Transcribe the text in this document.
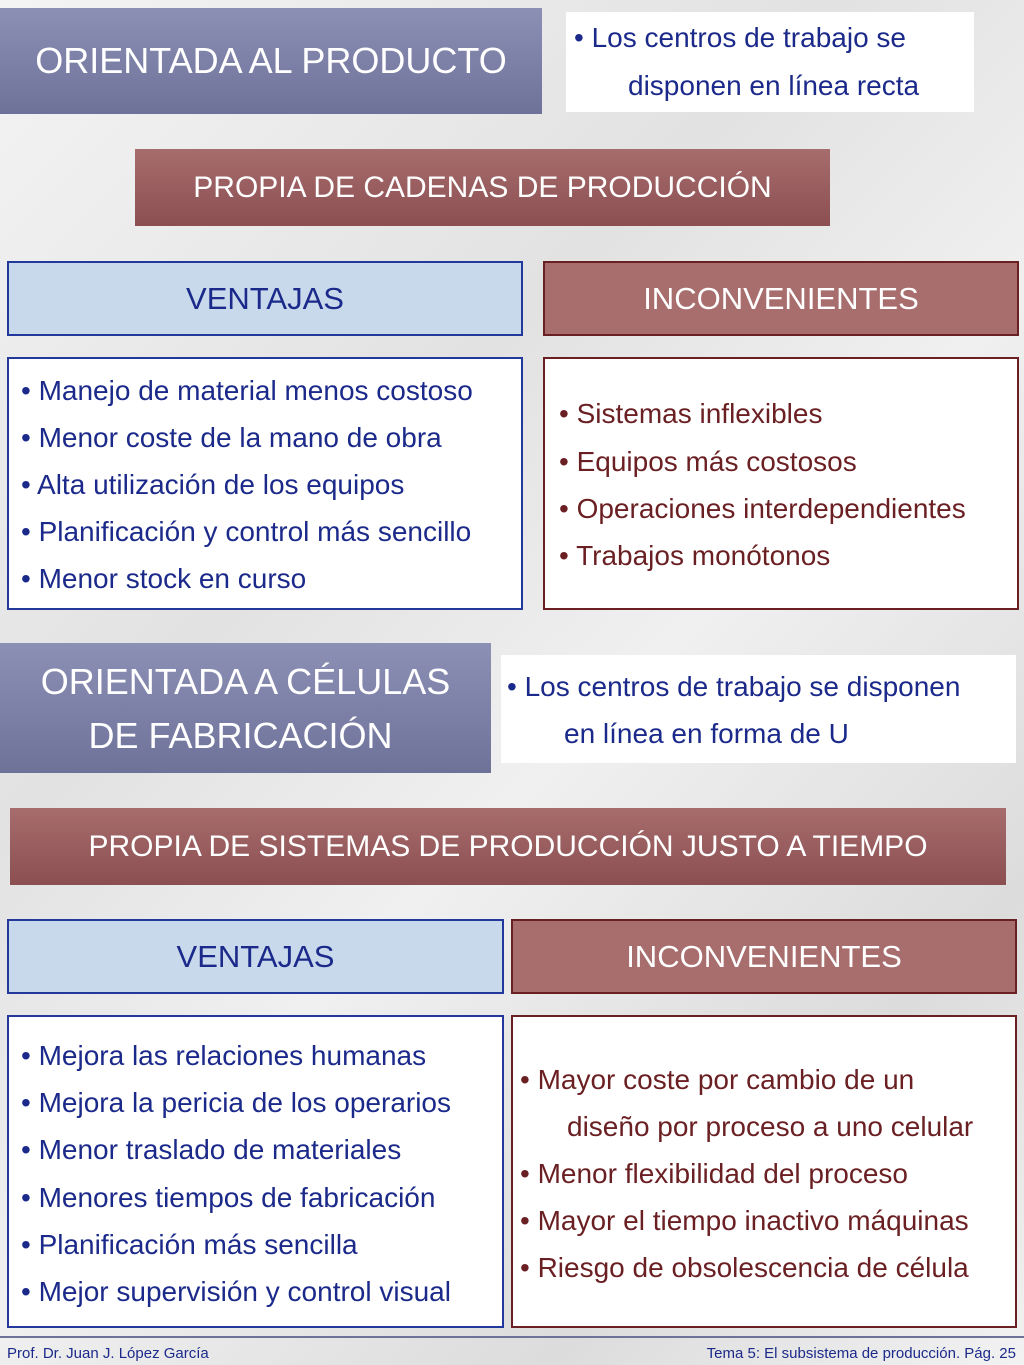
ORIENTADA AL PRODUCTO
• Los centros de trabajo se
disponen en línea recta
PROPIA DE CADENAS DE PRODUCCIÓN
VENTAJAS	INCONVENIENTES
• Manejo de material menos costoso
• Menor coste de la mano de obra
• Alta utilización de los equipos
• Planificación y control más sencillo
• Menor stock en curso
• Sistemas inflexibles
• Equipos más costosos
• Operaciones interdependientes
• Trabajos monótonos
ORIENTADA A CÉLULAS
DE FABRICACIÓN
• Los centros de trabajo se disponen
en línea en forma de U
PROPIA DE SISTEMAS DE PRODUCCIÓN JUSTO A TIEMPO
VENTAJAS	INCONVENIENTES
• Mejora las relaciones humanas
• Mejora la pericia de los operarios
• Menor traslado de materiales
• Menores tiempos de fabricación
• Planificación más sencilla
• Mejor supervisión y control visual
• Mayor coste por cambio de un
diseño por proceso a uno celular
• Menor flexibilidad del proceso
• Mayor el tiempo inactivo máquinas
• Riesgo de obsolescencia de célula
Prof. Dr. Juan J. López García	Tema 5: El subsistema de producción. Pág. 25
